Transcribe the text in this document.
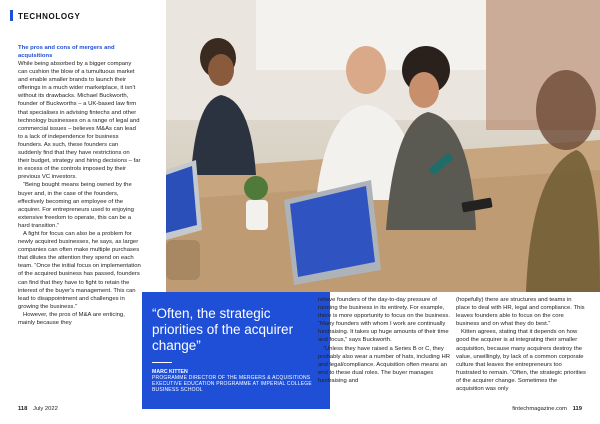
TECHNOLOGY

The pros and cons of mergers and acquisitions

While being absorbed by a bigger company can cushion the blow of a tumultuous market and enable smaller brands to launch their offerings in a much wider marketplace, it isn't without its drawbacks. Michael Buckworth, founder of Buckworths – a UK-based law firm that specialises in advising fintechs and other technology businesses on a range of legal and commercial issues – believes M&As can lead to a lack of independence for business founders. As such, these founders can suddenly find that they have restrictions on their budget, strategy and hiring decisions – far in excess of the controls imposed by their previous VC investors.

“Being bought means being owned by the buyer and, in the case of the founders, effectively becoming an employee of the acquirer. For entrepreneurs used to enjoying extensive freedom to operate, this can be a hard transition.”

A fight for focus can also be a problem for newly acquired businesses, he says, as larger companies can often make multiple purchases that dilutes the attention they spend on each team. “Once the initial focus on implementation of the acquired business has passed, founders can find that they have to fight to retain the interest of the buyer's management. This can lead to disappointment and challenges in growing the business.”

However, the pros of M&A are enticing, mainly because they

“Often, the strategic priorities of the acquirer change”

MARC KITTEN
PROGRAMME DIRECTOR OF THE MERGERS & ACQUISITIONS EXECUTIVE EDUCATION PROGRAMME AT IMPERIAL COLLEGE BUSINESS SCHOOL

relieve founders of the day-to-day pressure of running the business in its entirety. For example, there is more opportunity to focus on the business. “Many founders with whom I work are continually fundraising. It takes up huge amounts of their time and focus,” says Buckworth.

“Unless they have raised a Series B or C, they probably also wear a number of hats, including HR and legal/compliance. Acquisition often means an end to these dual roles. The buyer manages fundraising and

(hopefully) there are structures and teams in place to deal with HR, legal and compliance. This leaves founders able to focus on the core business and on what they do best.”

Kitten agrees, stating that it depends on how good the acquirer is at integrating their smaller acquisition, because many acquirers destroy the value, unwillingly, by lack of a common corporate culture that leaves the entrepreneurs too frustrated to remain. “Often, the strategic priorities of the acquirer change. Sometimes the acquisition was only

118 July 2022	fintechmagazine.com 119
